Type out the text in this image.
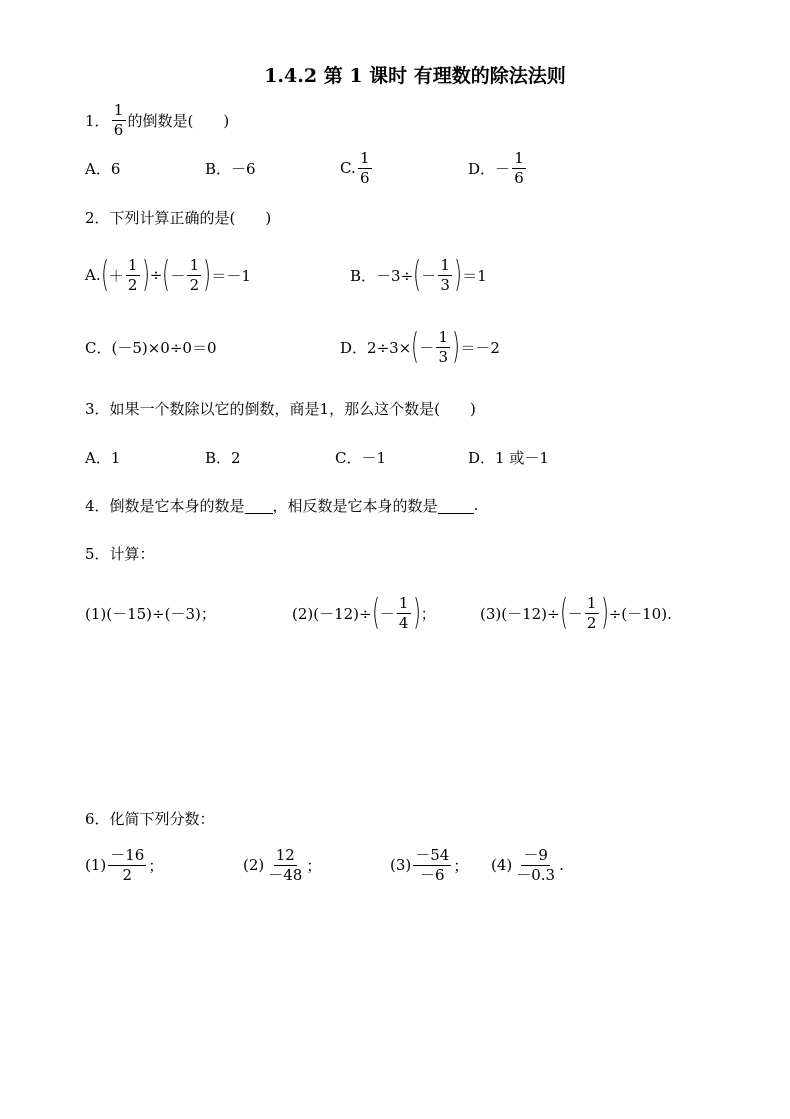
1.4.2 第 1 课时 有理数的除法法则
1． $\frac{1}{6}$ 的倒数是(　　)
A．6	B．－6	C. $\frac{1}{6}$	D．－ $\frac{1}{6}$
2．下列计算正确的是(　　)
A. ( ＋ $\frac{1}{2}$ ) ÷ ( － $\frac{1}{2}$ ) ＝－1	B．－3÷ ( － $\frac{1}{3}$ ) ＝1
C．(－5)×0÷0＝0	D．2÷3× ( － $\frac{1}{3}$ ) ＝－2
3．如果一个数除以它的倒数，商是1，那么这个数是(　　)
A．1	B．2	C．－1	D．1 或－1
4．倒数是它本身的数是 ，相反数是它本身的数是 .
5．计算：
(1)(－15)÷(－3)；	(2)(－12)÷ ( － $\frac{1}{4}$ ) ；	(3)(－12)÷ ( － $\frac{1}{2}$ ) ÷(－10).
6．化简下列分数：
$(1) \frac{-16}{2}$ ；	$(2) \frac{12}{-48}$ ；	$(3) \frac{-54}{-6}$ ； $(4) \frac{-9}{-0.3}$ .
